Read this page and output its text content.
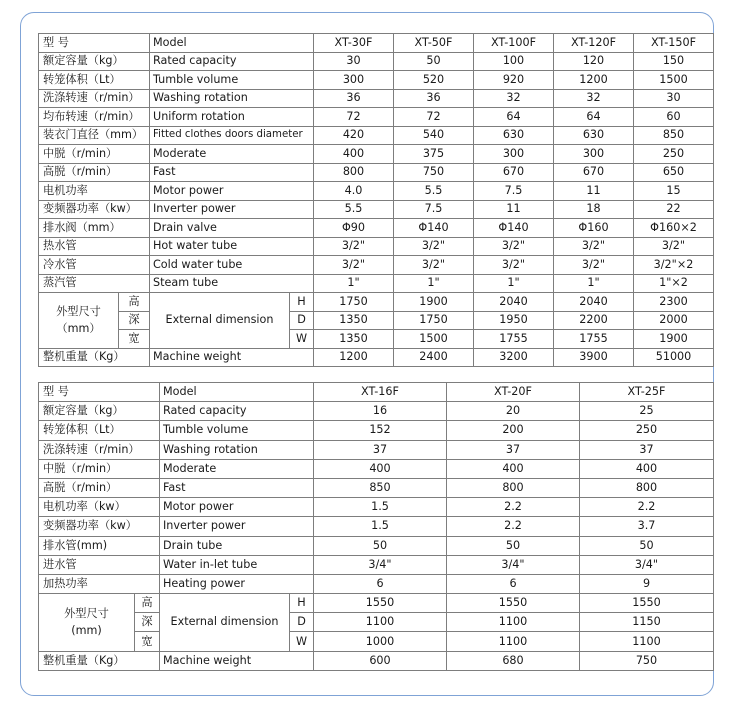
型 号		Model		XT-30F	XT-50F	XT-100F	XT-120F	XT-150F
额定容量（kg）		Rated capacity		30	50	100	120	150
转笼体积（Lt）		Tumble volume		300	520	920	1200	1500
洗涤转速（r/min）		Washing rotation		36	36	32	32	30
均布转速（r/min）		Uniform rotation		72	72	64	64	60
装衣门直径（mm）		Fitted clothes doors diameter		420	540	630	630	850
中脱（r/min）		Moderate		400	375	300	300	250
高脱（r/min）		Fast		800	750	670	670	650
电机功率		Motor power		4.0	5.5	7.5	11	15
变频器功率（kw）		Inverter power		5.5	7.5	11	18	22
排水阀（mm）		Drain valve		Φ90	Φ140	Φ140	Φ160	Φ160×2
热水管		Hot water tube		3/2"	3/2"	3/2"	3/2"	3/2"
冷水管		Cold water tube		3/2"	3/2"	3/2"	3/2"	3/2"×2
蒸汽管		Steam tube		1"	1"	1"	1"	1"×2

外型尺寸
（mm）	高	External dimension	H	1750	1900	2040	2040	2300
	深		D	1350	1750	1950	2200	2000
	宽		W	1350	1500	1755	1755	1900
整机重量（Kg）		Machine weight		1200	2400	3200	3900	51000
型 号		Model		XT-16F	XT-20F	XT-25F
额定容量（kg）		Rated capacity		16	20	25
转笼体积（Lt）		Tumble volume		152	200	250
洗涤转速（r/min）		Washing rotation		37	37	37
中脱（r/min）		Moderate		400	400	400
高脱（r/min）		Fast		850	800	800
电机功率（kw）		Motor power		1.5	2.2	2.2
变频器功率（kw）		Inverter power		1.5	2.2	3.7
排水管(mm)		Drain tube		50	50	50
进水管		Water in-let tube		3/4"	3/4"	3/4"
加热功率		Heating power		6	6	9

外型尺寸
(mm)	高	External dimension	H	1550	1550	1550
	深		D	1100	1100	1150
	宽		W	1000	1100	1100
整机重量（Kg）		Machine weight		600	680	750
